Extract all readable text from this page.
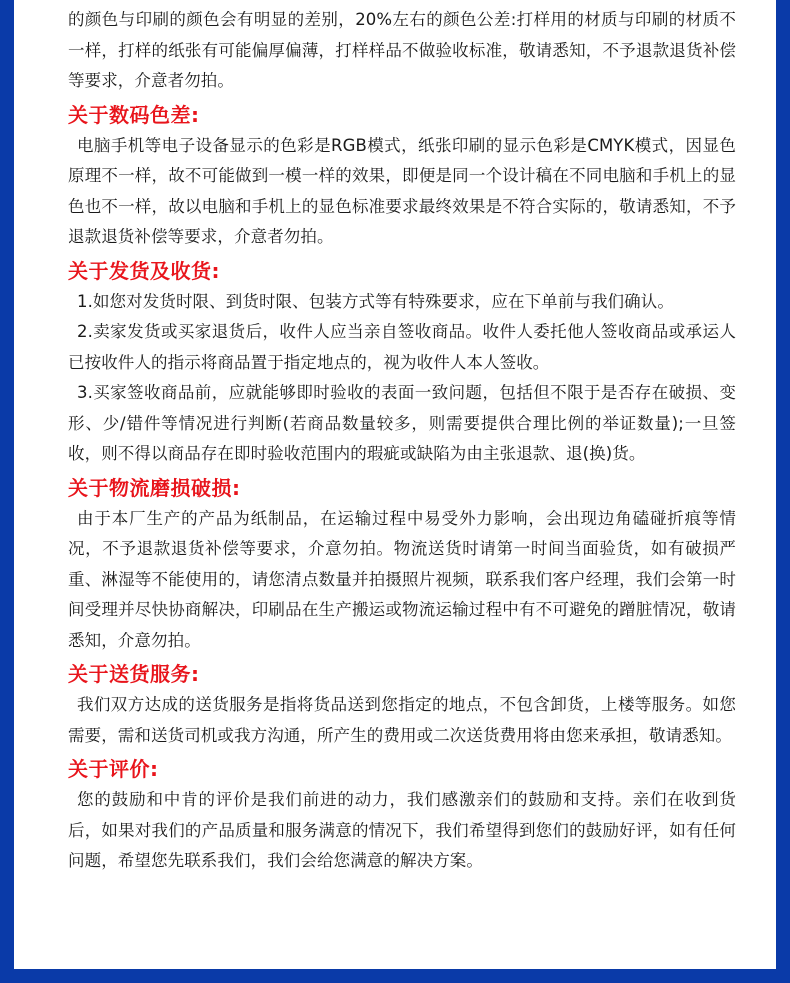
的颜色与印刷的颜色会有明显的差别，20%左右的颜色公差:打样用的材质与印刷的材质不一样，打样的纸张有可能偏厚偏薄，打样样品不做验收标准，敬请悉知，不予退款退货补偿等要求，介意者勿拍。

关于数码色差:

电脑手机等电子设备显示的色彩是RGB模式，纸张印刷的显示色彩是CMYK模式，因显色原理不一样，故不可能做到一模一样的效果，即便是同一个设计稿在不同电脑和手机上的显色也不一样，故以电脑和手机上的显色标准要求最终效果是不符合实际的，敬请悉知，不予退款退货补偿等要求，介意者勿拍。

关于发货及收货:

1.如您对发货时限、到货时限、包装方式等有特殊要求，应在下单前与我们确认。

2.卖家发货或买家退货后，收件人应当亲自签收商品。收件人委托他人签收商品或承运人已按收件人的指示将商品置于指定地点的，视为收件人本人签收。

3.买家签收商品前，应就能够即时验收的表面一致问题，包括但不限于是否存在破损、变形、少/错件等情况进行判断(若商品数量较多，则需要提供合理比例的举证数量);一旦签收，则不得以商品存在即时验收范围内的瑕疵或缺陷为由主张退款、退(换)货。

关于物流磨损破损:

由于本厂生产的产品为纸制品，在运输过程中易受外力影响，会出现边角磕碰折痕等情况，不予退款退货补偿等要求，介意勿拍。物流送货时请第一时间当面验货，如有破损严重、淋湿等不能使用的，请您清点数量并拍摄照片视频，联系我们客户经理，我们会第一时间受理并尽快协商解决，印刷品在生产搬运或物流运输过程中有不可避免的蹭脏情况，敬请悉知，介意勿拍。

关于送货服务:

我们双方达成的送货服务是指将货品送到您指定的地点，不包含卸货，上楼等服务。如您需要，需和送货司机或我方沟通，所产生的费用或二次送货费用将由您来承担，敬请悉知。

关于评价:

您的鼓励和中肯的评价是我们前进的动力，我们感激亲们的鼓励和支持。亲们在收到货后，如果对我们的产品质量和服务满意的情况下，我们希望得到您们的鼓励好评，如有任何问题，希望您先联系我们，我们会给您满意的解决方案。
